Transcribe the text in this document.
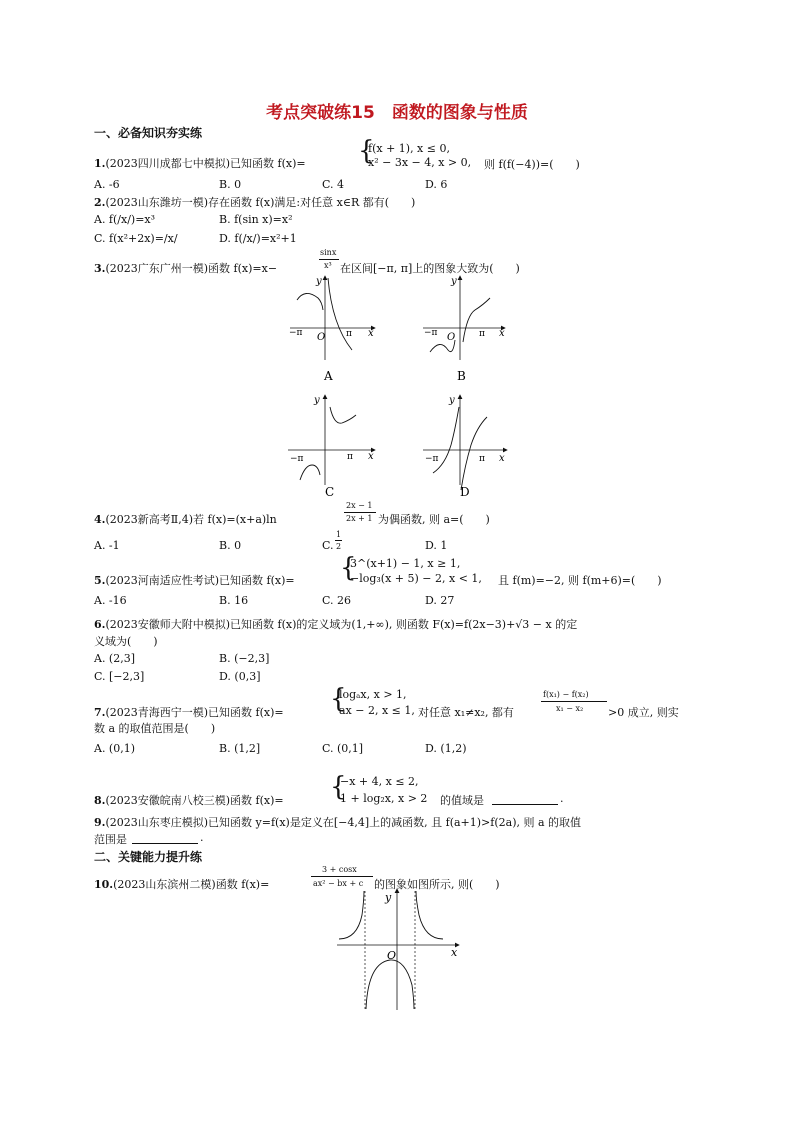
考点突破练15　函数的图象与性质
一、必备知识夯实练
1.(2023四川成都七中模拟)已知函数 f(x)= {
f(x + 1), x ≤ 0,
x² − 3x − 4, x > 0, 则 f(f(−4))=(　　)
A. -6	B. 0	C. 4	D. 6
2.(2023山东潍坊一模)存在函数 f(x)满足:对任意 x∈R 都有(　　)
A. f(/x/)=x³	B. f(sin x)=x²
C. f(x²+2x)=/x/	D. f(/x/)=x²+1
3.(2023广东广州一模)函数 f(x)=x−
sinx
x³ 在区间[−π, π]上的图象大致为(　　)
−π O π x
y
A
−π O	π x
y
B
−π	π x
y
C
−π	π x
y
D
4.(2023新高考Ⅱ,4)若 f(x)=(x+a)ln
2x − 1
2x + 1 为偶函数, 则 a=(　　)
A. -1	B. 0	C.
1
2	D. 1
5.(2023河南适应性考试)已知函数 f(x)= {
3^(x+1) − 1, x ≥ 1,
−log₃(x + 5) − 2, x < 1, 且 f(m)=−2, 则 f(m+6)=(　　)
A. -16	B. 16	C. 26	D. 27
6.(2023安徽师大附中模拟)已知函数 f(x)的定义域为(1,+∞), 则函数 F(x)=f(2x−3)+√3 − x 的定
义域为(　　)
A. (2,3]	B. (−2,3]
C. [−2,3]	D. (0,3]
7.(2023青海西宁一模)已知函数 f(x)= {
logₐx, x > 1,
ax − 2, x ≤ 1, 对任意 x₁≠x₂, 都有
f(x₁) − f(x₂)
x₁ − x₂ >0 成立, 则实
数 a 的取值范围是(　　)
A. (0,1)	B. (1,2]	C. (0,1]	D. (1,2)
8.(2023安徽皖南八校三模)函数 f(x)= {
−x + 4, x ≤ 2,
1 + log₂x, x > 2 的值域是	.
9.(2023山东枣庄模拟)已知函数 y=f(x)是定义在[−4,4]上的减函数, 且 f(a+1)>f(2a), 则 a 的取值
范围是	.
二、关键能力提升练
10.(2023山东滨州二模)函数 f(x)=
3 + cosx
ax² − bx + c 的图象如图所示, 则(　　)
O	x
y
